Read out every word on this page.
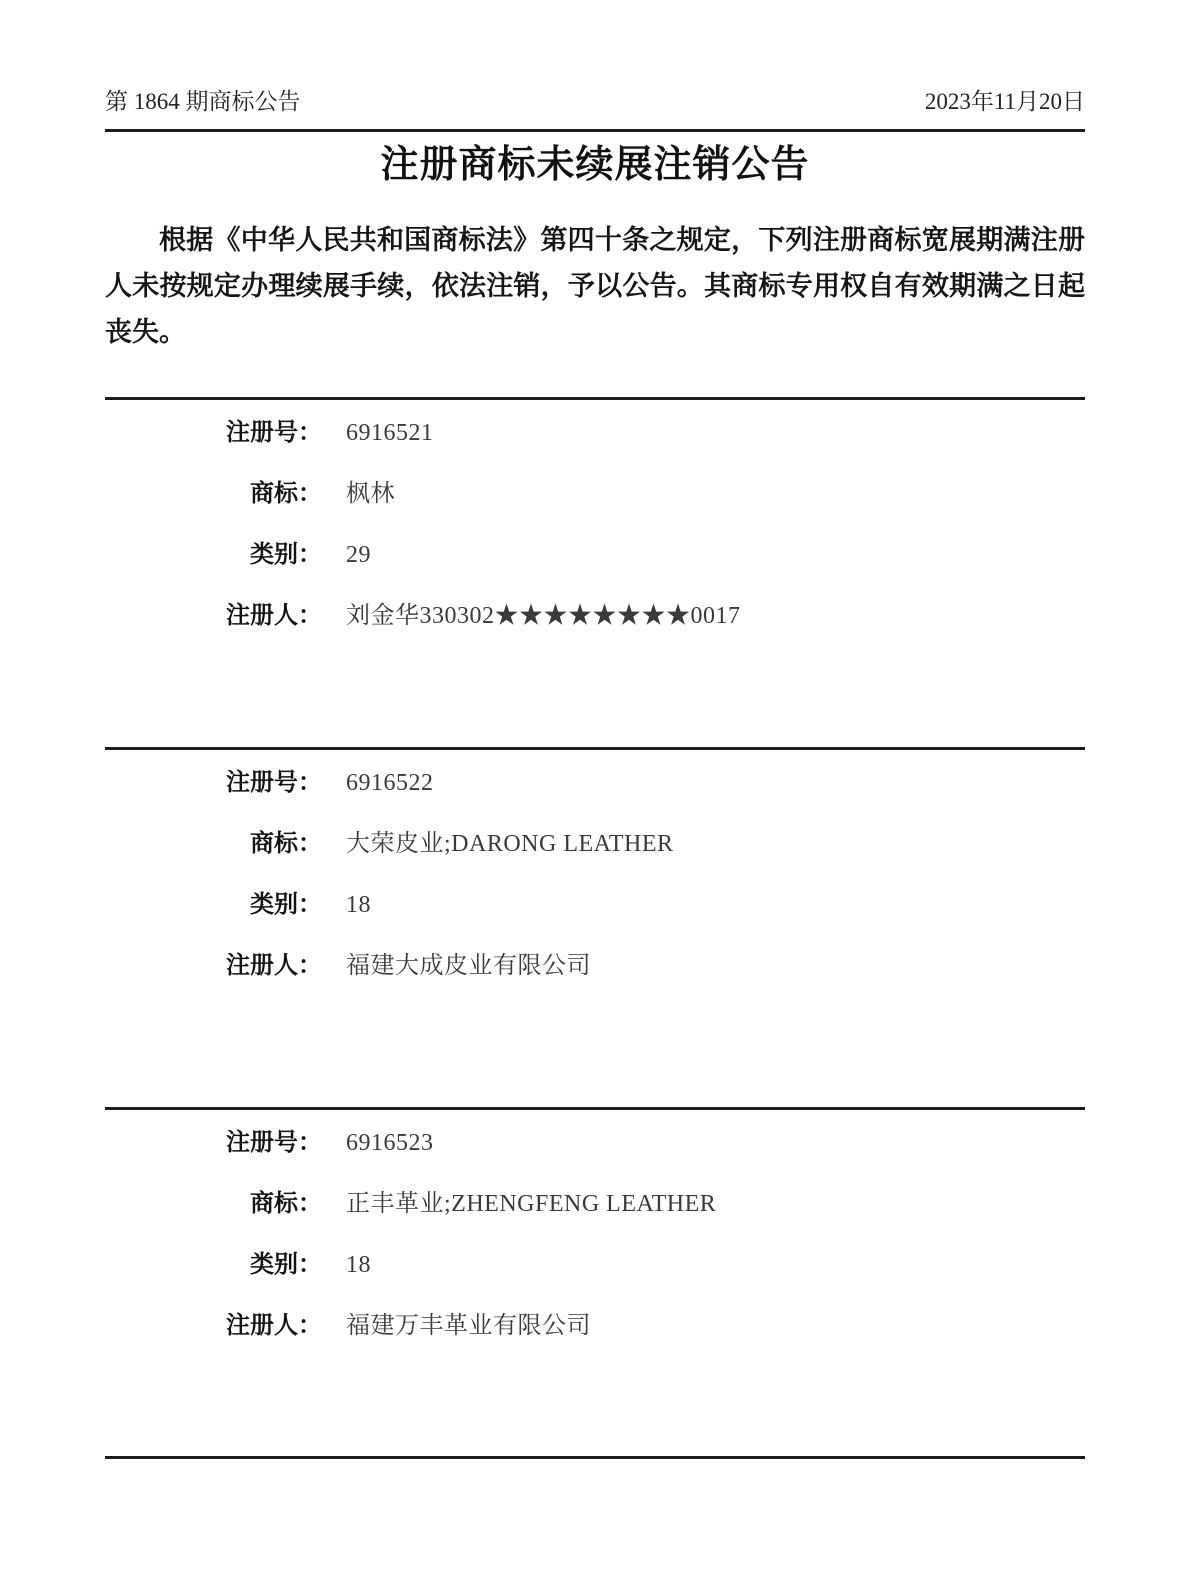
第 1864 期商标公告	2023年11月20日
注册商标未续展注销公告

根据《中华人民共和国商标法》第四十条之规定，下列注册商标宽展期满注册人未按规定办理续展手续，依法注销，予以公告。其商标专用权自有效期满之日起丧失。

注册号： 6916521
商标： 枫林
类别： 29
注册人： 刘金华330302★★★★★★★★0017
注册号： 6916522
商标： 大荣皮业;DARONG LEATHER
类别： 18
注册人： 福建大成皮业有限公司
注册号： 6916523
商标： 正丰革业;ZHENGFENG LEATHER
类别： 18
注册人： 福建万丰革业有限公司
